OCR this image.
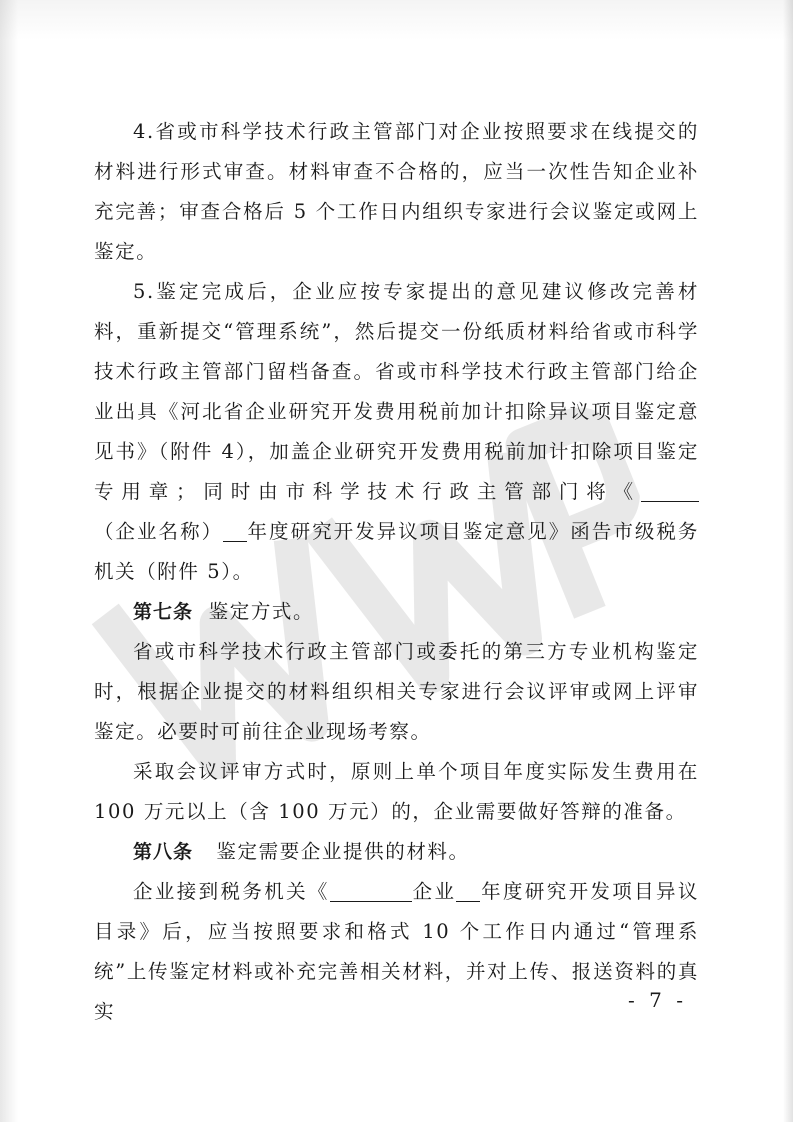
4.省或市科学技术行政主管部门对企业按照要求在线提交的材料进行形式审查。材料审查不合格的，应当一次性告知企业补充完善；审查合格后 5 个工作日内组织专家进行会议鉴定或网上鉴定。

5.鉴定完成后，企业应按专家提出的意见建议修改完善材料，重新提交“管理系统”，然后提交一份纸质材料给省或市科学技术行政主管部门留档备查。省或市科学技术行政主管部门给企业出具《河北省企业研究开发费用税前加计扣除异议项目鉴定意见书》（附件 4），加盖企业研究开发费用税前加计扣除项目鉴定专用章；同时由市科学技术行政主管部门将《（企业名称） 年度研究开发异议项目鉴定意见》函告市级税务机关（附件 5）。

第七条 鉴定方式。

省或市科学技术行政主管部门或委托的第三方专业机构鉴定时，根据企业提交的材料组织相关专家进行会议评审或网上评审鉴定。必要时可前往企业现场考察。

采取会议评审方式时，原则上单个项目年度实际发生费用在 100 万元以上（含 100 万元）的，企业需要做好答辩的准备。

第八条 鉴定需要企业提供的材料。

企业接到税务机关《	企业 年度研究开发项目异议目录》后，应当按照要求和格式 10 个工作日内通过“管理系统”上传鉴定材料或补充完善相关材料，并对上传、报送资料的真实	- 7 -
